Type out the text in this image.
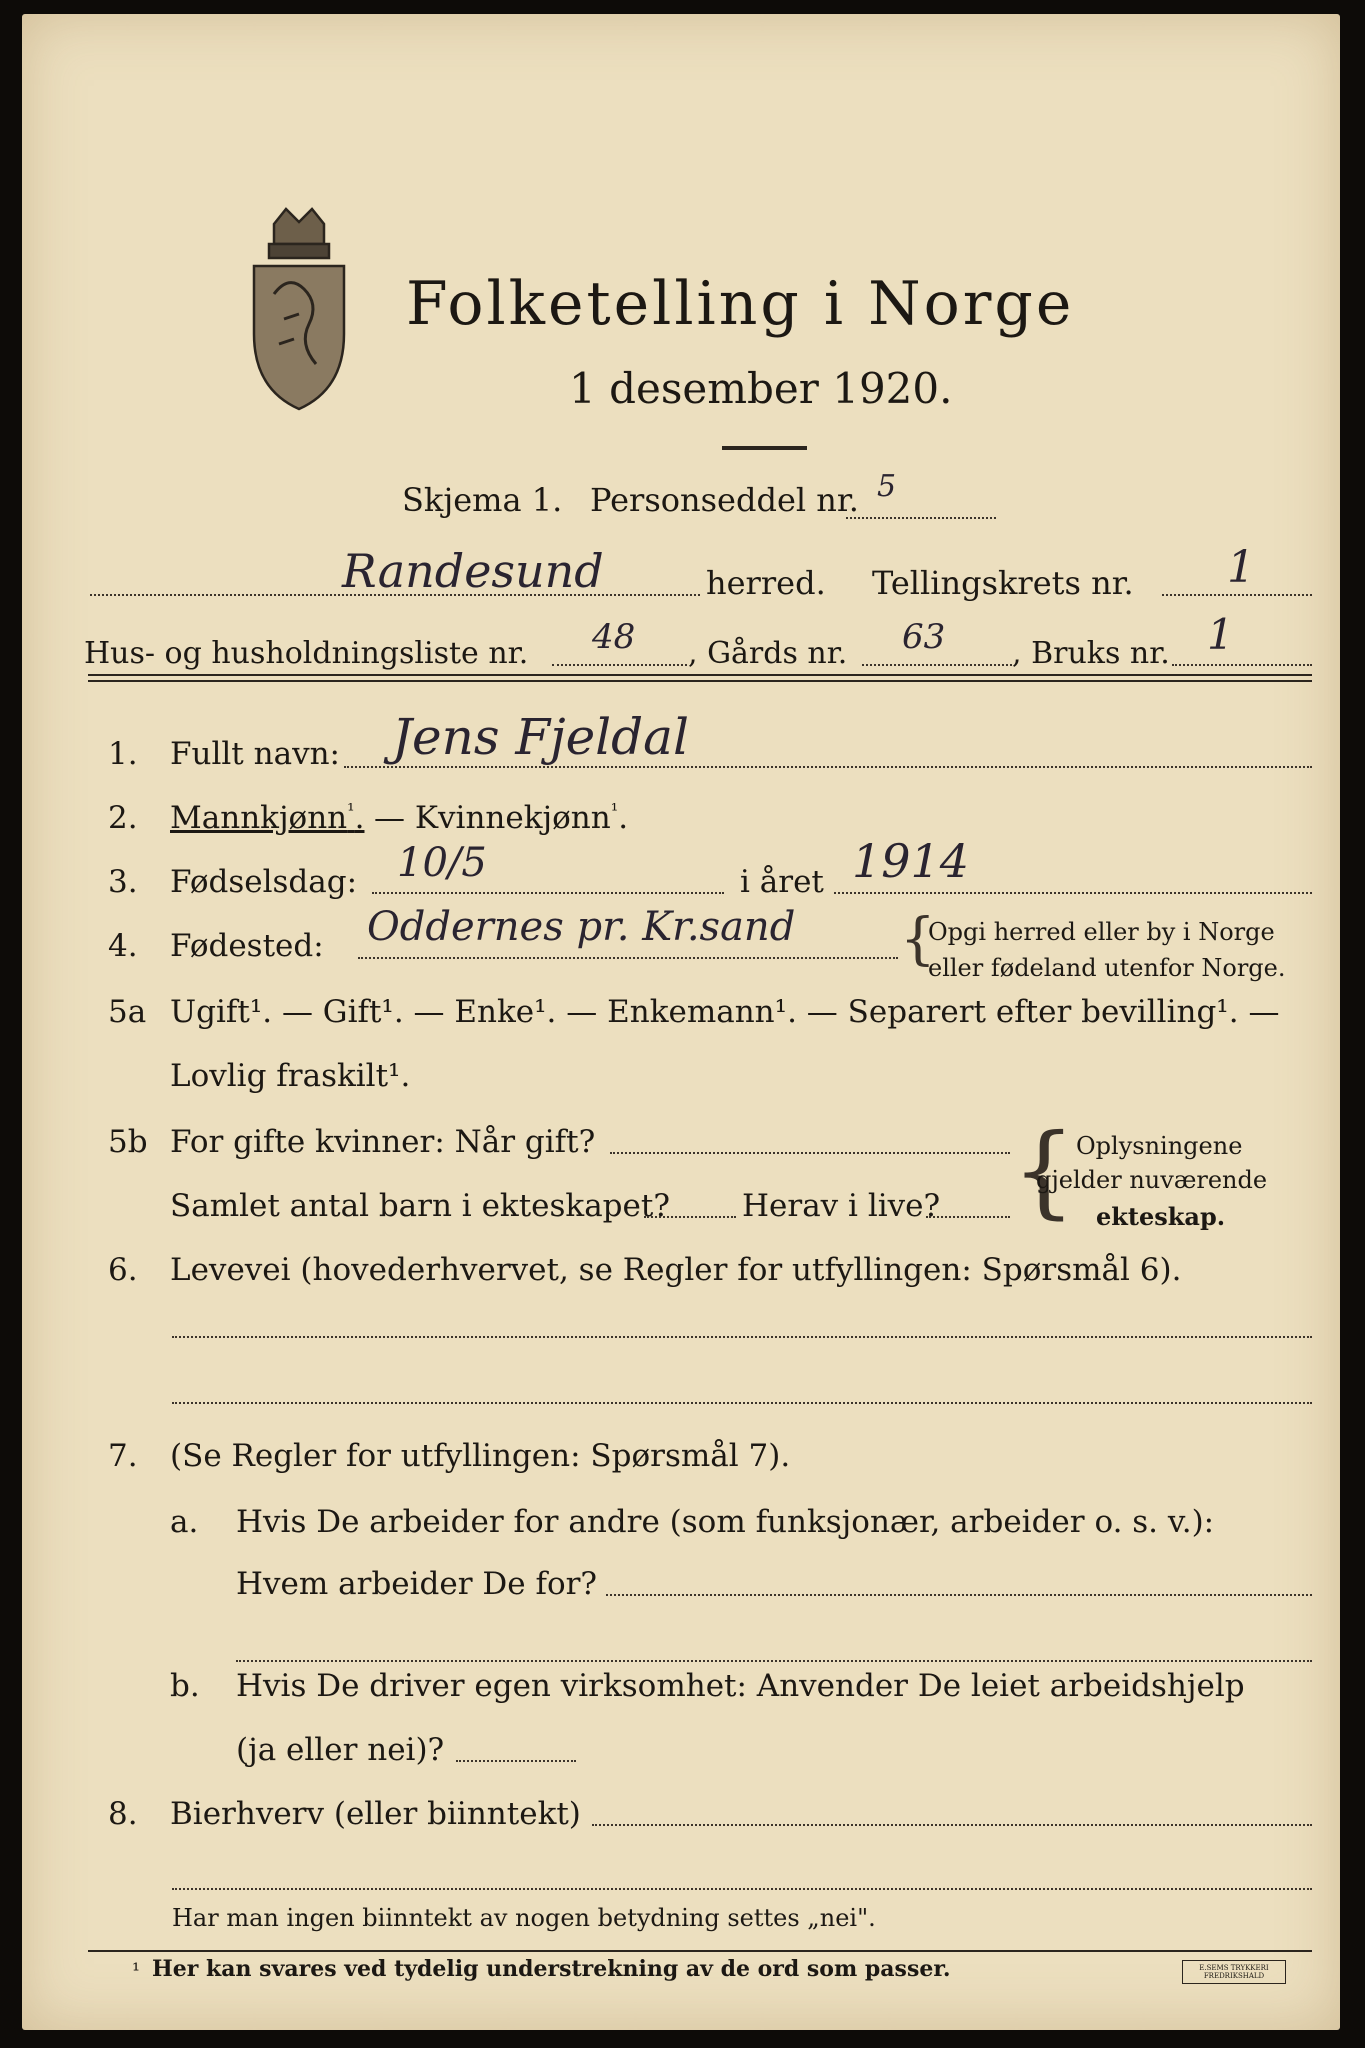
Folketelling i Norge
1 desember 1920.
Skjema 1. Personseddel nr. 5
Randesund	herred. Tellingskrets nr. 1
Hus- og husholdningsliste nr. 48 , Gårds nr. 63 , Bruks nr. 1
1. Fullt navn: Jens Fjeldal
2. Mannkjønn$^{^1}$. — Kvinnekjønn$^{^1}$.
3. Fødselsdag: 10/5	i året 1914
4. Fødested: Oddernes pr. Kr.sand {
Opgi herred eller by i Norge
eller fødeland utenfor Norge.
5a Ugift¹. — Gift¹. — Enke¹. — Enkemann¹. — Separert efter bevilling¹. —
Lovlig fraskilt¹.
5b For gifte kvinner: Når gift?
Samlet antal barn i ekteskapet? Herav i live? { Oplysningene
gjelder nuværende
ekteskap.
6. Levevei (hovederhvervet, se Regler for utfyllingen: Spørsmål 6).
7. (Se Regler for utfyllingen: Spørsmål 7).
a. Hvis De arbeider for andre (som funksjonær, arbeider o. s. v.):
Hvem arbeider De for?
b. Hvis De driver egen virksomhet: Anvender De leiet arbeidshjelp
(ja eller nei)?
8. Bierhverv (eller biinntekt)
Har man ingen biinntekt av nogen betydning settes „nei".
¹ Her kan svares ved tydelig understrekning av de ord som passer.	E.SEMS TRYKKERI FREDRIKSHALD
